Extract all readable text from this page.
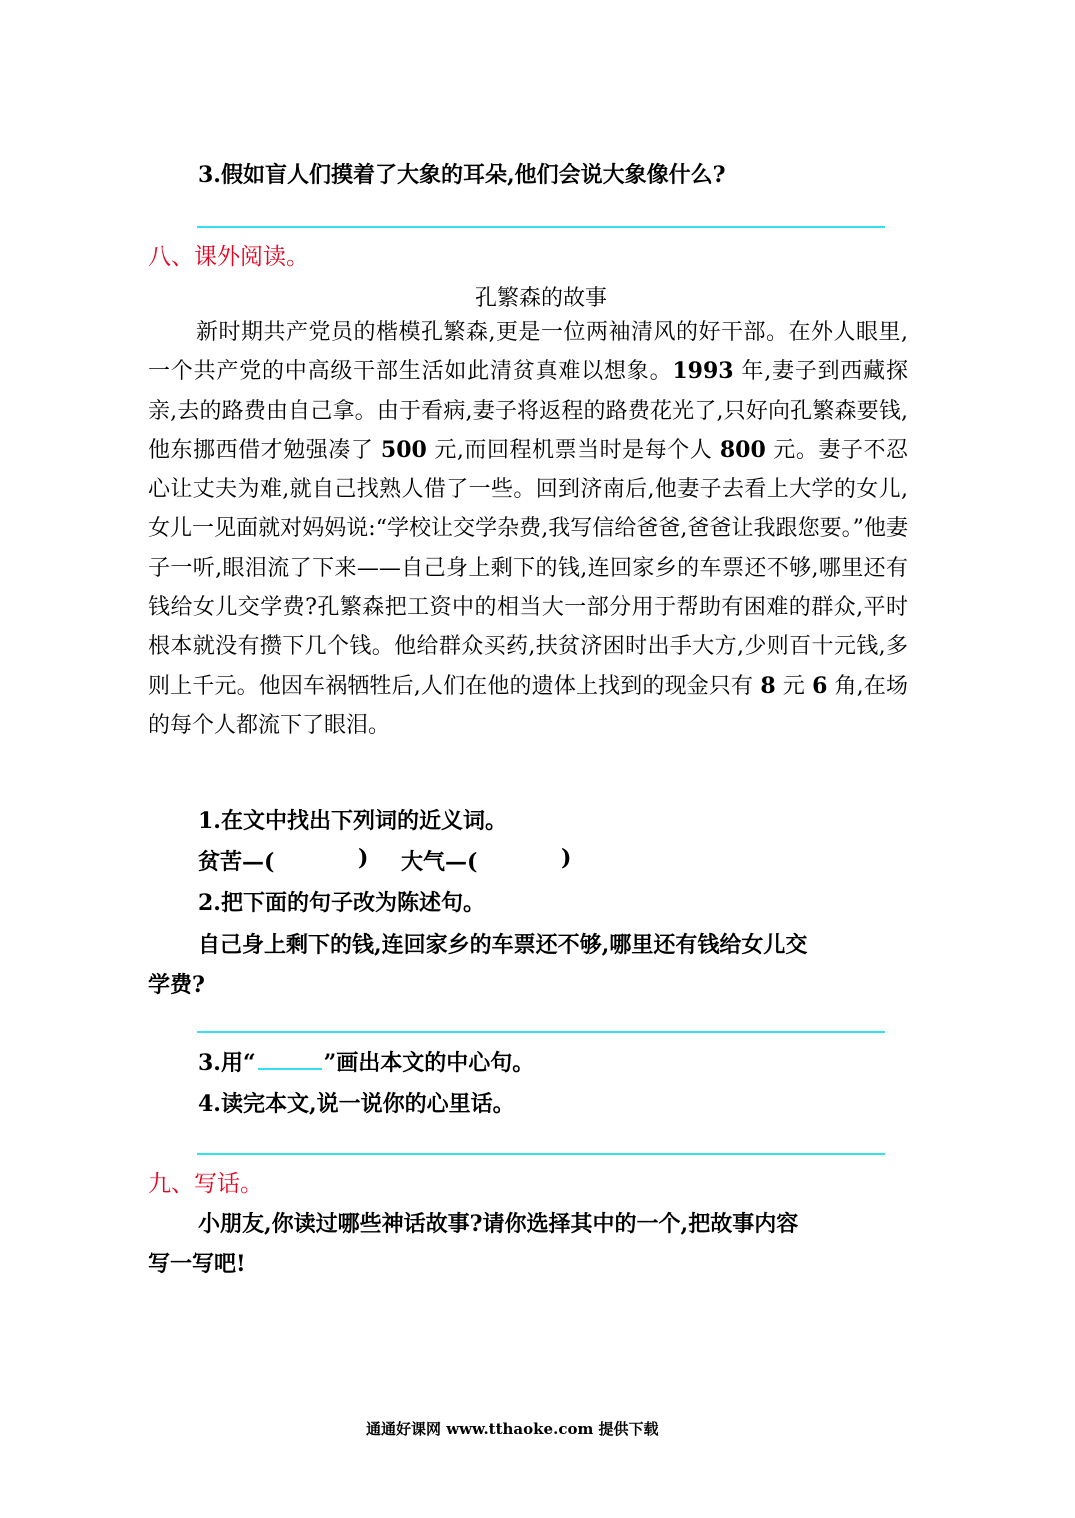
3.假如盲人们摸着了大象的耳朵,他们会说大象像什么?
八、课外阅读。
孔繁森的故事
新时期共产党员的楷模孔繁森,更是一位两袖清风的好干部。在外人眼里,一个共产党的中高级干部生活如此清贫真难以想象。1993 年,妻子到西藏探亲,去的路费由自己拿。由于看病,妻子将返程的路费花光了,只好向孔繁森要钱,他东挪西借才勉强凑了 500 元,而回程机票当时是每个人 800 元。妻子不忍心让丈夫为难,就自己找熟人借了一些。回到济南后,他妻子去看上大学的女儿,女儿一见面就对妈妈说:“学校让交学杂费,我写信给爸爸,爸爸让我跟您要。”他妻子一听,眼泪流了下来——自己身上剩下的钱,连回家乡的车票还不够,哪里还有钱给女儿交学费?孔繁森把工资中的相当大一部分用于帮助有困难的群众,平时根本就没有攒下几个钱。他给群众买药,扶贫济困时出手大方,少则百十元钱,多则上千元。他因车祸牺牲后,人们在他的遗体上找到的现金只有 8 元 6 角,在场的每个人都流下了眼泪。
1.在文中找出下列词的近义词。
贫苦—(	) 大气—(	)
2.把下面的句子改为陈述句。
自己身上剩下的钱,连回家乡的车票还不够,哪里还有钱给女儿交
学费?
3.用“	”画出本文的中心句。
4.读完本文,说一说你的心里话。
九、写话。
小朋友,你读过哪些神话故事?请你选择其中的一个,把故事内容
写一写吧!
通通好课网 www.tthaoke.com 提供下载
